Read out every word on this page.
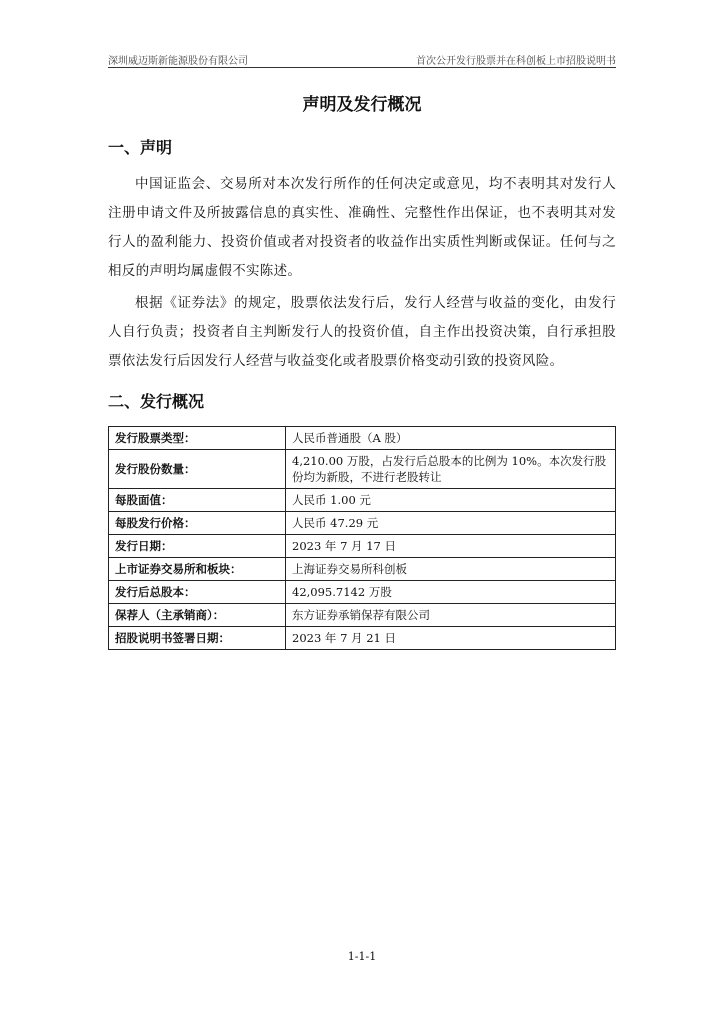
深圳威迈斯新能源股份有限公司	首次公开发行股票并在科创板上市招股说明书
声明及发行概况
一、声明

中国证监会、交易所对本次发行所作的任何决定或意见，均不表明其对发行人注册申请文件及所披露信息的真实性、准确性、完整性作出保证，也不表明其对发行人的盈利能力、投资价值或者对投资者的收益作出实质性判断或保证。任何与之相反的声明均属虚假不实陈述。

根据《证券法》的规定，股票依法发行后，发行人经营与收益的变化，由发行人自行负责；投资者自主判断发行人的投资价值，自主作出投资决策，自行承担股票依法发行后因发行人经营与收益变化或者股票价格变动引致的投资风险。

二、发行概况
发行股票类型：	人民币普通股（A 股）
发行股份数量：	4,210.00 万股，占发行后总股本的比例为 10%。本次发行股份均为新股，不进行老股转让
每股面值：	人民币 1.00 元
每股发行价格：	人民币 47.29 元
发行日期：	2023 年 7 月 17 日
上市证券交易所和板块：	上海证券交易所科创板
发行后总股本：	42,095.7142 万股
保荐人（主承销商）：	东方证券承销保荐有限公司
招股说明书签署日期：	2023 年 7 月 21 日
1-1-1
